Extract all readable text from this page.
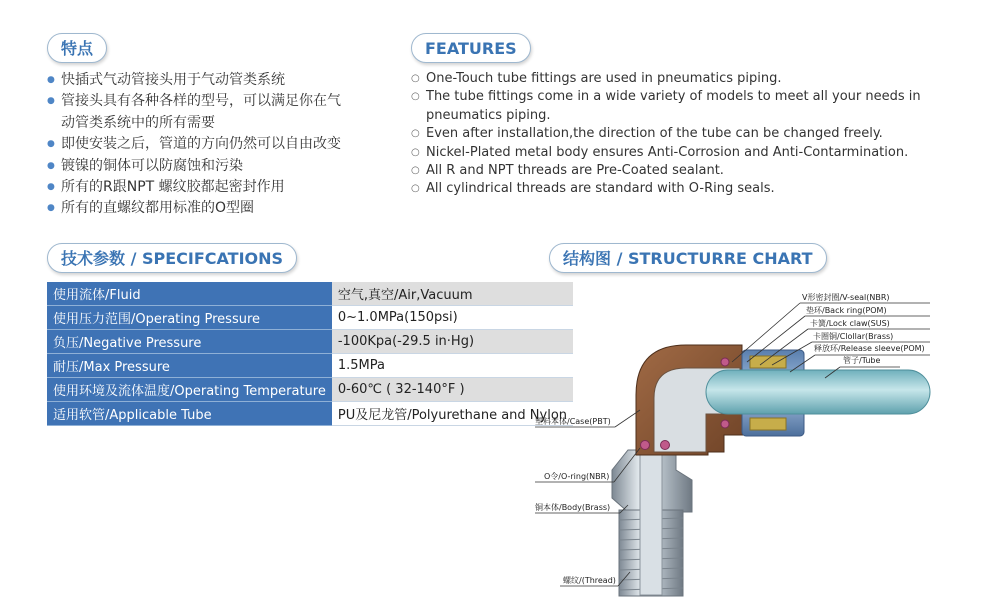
特点
● 快插式气动管接头用于气动管类系统
● 管接头具有各种各样的型号，可以满足你在气
动管类系统中的所有需要
● 即使安装之后，管道的方向仍然可以自由改变
● 镀镍的铜体可以防腐蚀和污染
● 所有的R跟NPT 螺纹胶都起密封作用
● 所有的直螺纹都用标准的O型圈
FEATURES
○ One-Touch tube fittings are used in pneumatics piping.
○ The tube fittings come in a wide variety of models to meet all your needs in
pneumatics piping.
○ Even after installation,the direction of the tube can be changed freely.
○ Nickel-Plated metal body ensures Anti-Corrosion and Anti-Contarmination.
○ All R and NPT threads are Pre-Coated sealant.
○ All cylindrical threads are standard with O-Ring seals.
技术参数 / SPECIFCATIONS
使用流体/Fluid	空气,真空/Air,Vacuum
使用压力范围/Operating Pressure	0~1.0MPa(150psi)
负压/Negative Pressure	-100Kpa(-29.5 in·Hg)
耐压/Max Pressure	1.5MPa
使用环境及流体温度/Operating Temperature	0-60℃ ( 32-140°F )
适用软管/Applicable Tube	PU及尼龙管/Polyurethane and Nylon
结构图 / STRUCTURRE CHART
V形密封圈/V-seal(NBR)
垫环/Back ring(POM)
卡簧/Lock claw(SUS)
卡圈铜/Clollar(Brass)
释放环/Release sleeve(POM)
管子/Tube
塑料本体/Case(PBT)
O令/O-ring(NBR)
铜本体/Body(Brass)
螺纹/(Thread)
